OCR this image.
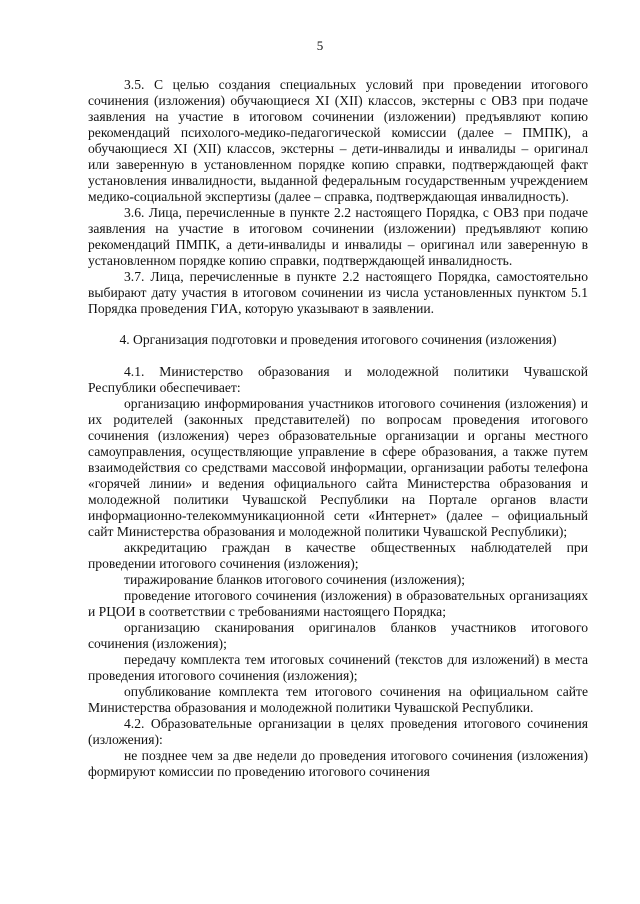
5

3.5. С целью создания специальных условий при проведении итогового сочинения (изложения) обучающиеся XI (XII) классов, экстерны с ОВЗ при подаче заявления на участие в итоговом сочинении (изложении) предъявляют копию рекомендаций психолого-медико-педагогической комиссии (далее – ПМПК), а обучающиеся XI (XII) классов, экстерны – дети-инвалиды и инвалиды – оригинал или заверенную в установленном порядке копию справки, подтверждающей факт установления инвалидности, выданной федеральным государственным учреждением медико-социальной экспертизы (далее – справка, подтверждающая инвалидность).

3.6. Лица, перечисленные в пункте 2.2 настоящего Порядка, с ОВЗ при подаче заявления на участие в итоговом сочинении (изложении) предъявляют копию рекомендаций ПМПК, а дети-инвалиды и инвалиды – оригинал или заверенную в установленном порядке копию справки, подтверждающей инвалидность.

3.7. Лица, перечисленные в пункте 2.2 настоящего Порядка, самостоятельно выбирают дату участия в итоговом сочинении из числа установленных пунктом 5.1 Порядка проведения ГИА, которую указывают в заявлении.

4. Организация подготовки и проведения итогового сочинения (изложения)

4.1. Министерство образования и молодежной политики Чувашской Республики обеспечивает:

организацию информирования участников итогового сочинения (изложения) и их родителей (законных представителей) по вопросам проведения итогового сочинения (изложения) через образовательные организации и органы местного самоуправления, осуществляющие управление в сфере образования, а также путем взаимодействия со средствами массовой информации, организации работы телефона «горячей линии» и ведения официального сайта Министерства образования и молодежной политики Чувашской Республики на Портале органов власти информационно-телекоммуникационной сети «Интернет» (далее – официальный сайт Министерства образования и молодежной политики Чувашской Республики);

аккредитацию граждан в качестве общественных наблюдателей при проведении итогового сочинения (изложения);

тиражирование бланков итогового сочинения (изложения);

проведение итогового сочинения (изложения) в образовательных организациях и РЦОИ в соответствии с требованиями настоящего Порядка;

организацию сканирования оригиналов бланков участников итогового сочинения (изложения);

передачу комплекта тем итоговых сочинений (текстов для изложений) в места проведения итогового сочинения (изложения);

опубликование комплекта тем итогового сочинения на официальном сайте Министерства образования и молодежной политики Чувашской Республики.

4.2. Образовательные организации в целях проведения итогового сочинения (изложения):

не позднее чем за две недели до проведения итогового сочинения (изложения) формируют комиссии по проведению итогового сочинения
